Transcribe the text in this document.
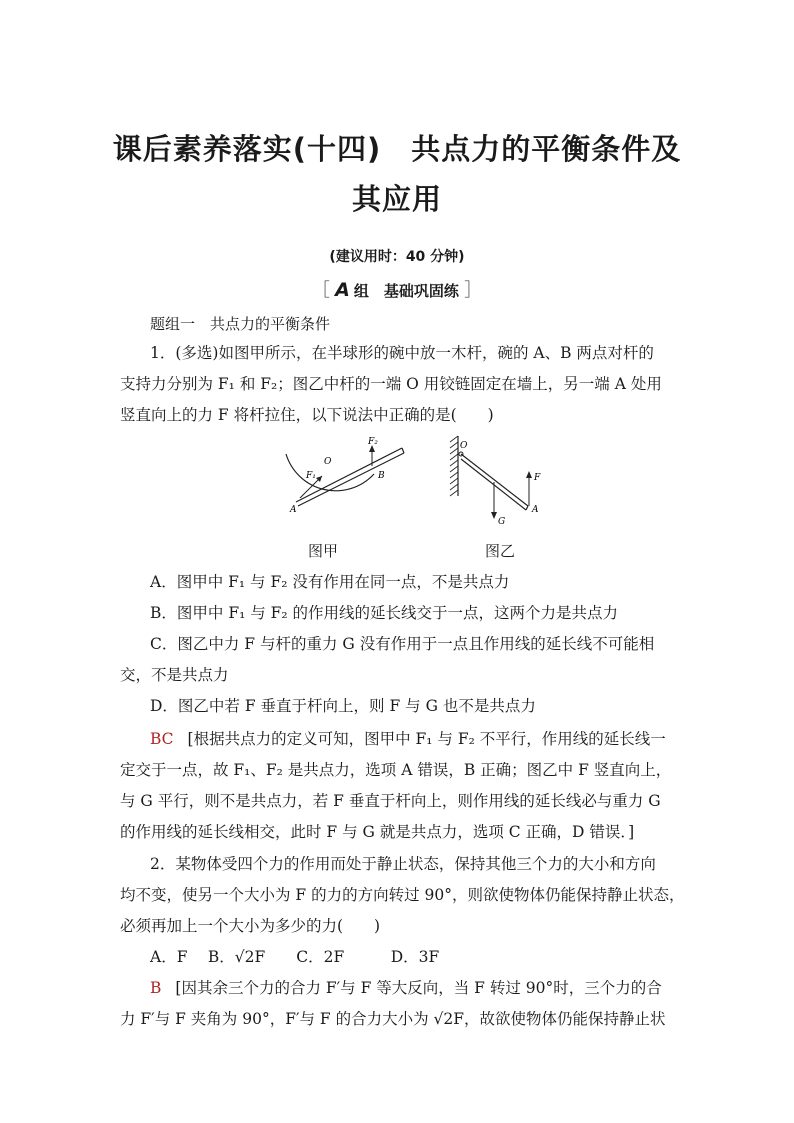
课后素养落实(十四)　共点力的平衡条件及
其应用
(建议用时：40 分钟)
［ A 组　基础巩固练 ］
题组一　共点力的平衡条件
1．(多选)如图甲所示，在半球形的碗中放一木杆，碗的 A、B 两点对杆的
支持力分别为 F₁ 和 F₂；图乙中杆的一端 O 用铰链固定在墙上，另一端 A 处用
竖直向上的力 F 将杆拉住，以下说法中正确的是(　　)
A
B
O
F₁
F₂	O
F
G
A
图甲	图乙
A．图甲中 F₁ 与 F₂ 没有作用在同一点，不是共点力
B．图甲中 F₁ 与 F₂ 的作用线的延长线交于一点，这两个力是共点力
C．图乙中力 F 与杆的重力 G 没有作用于一点且作用线的延长线不可能相
交，不是共点力
D．图乙中若 F 垂直于杆向上，则 F 与 G 也不是共点力
BC [根据共点力的定义可知，图甲中 F₁ 与 F₂ 不平行，作用线的延长线一
定交于一点，故 F₁、F₂ 是共点力，选项 A 错误，B 正确；图乙中 F 竖直向上，
与 G 平行，则不是共点力，若 F 垂直于杆向上，则作用线的延长线必与重力 G
的作用线的延长线相交，此时 F 与 G 就是共点力，选项 C 正确，D 错误．]
2．某物体受四个力的作用而处于静止状态，保持其他三个力的大小和方向
均不变，使另一个大小为 F 的力的方向转过 90°，则欲使物体仍能保持静止状态，
必须再加上一个大小为多少的力(　　)
A．F　 B．√2F　　C．2F　　　D．3F
B [因其余三个力的合力 F′与 F 等大反向，当 F 转过 90°时，三个力的合
力 F′与 F 夹角为 90°，F′与 F 的合力大小为 √2F，故欲使物体仍能保持静止状
